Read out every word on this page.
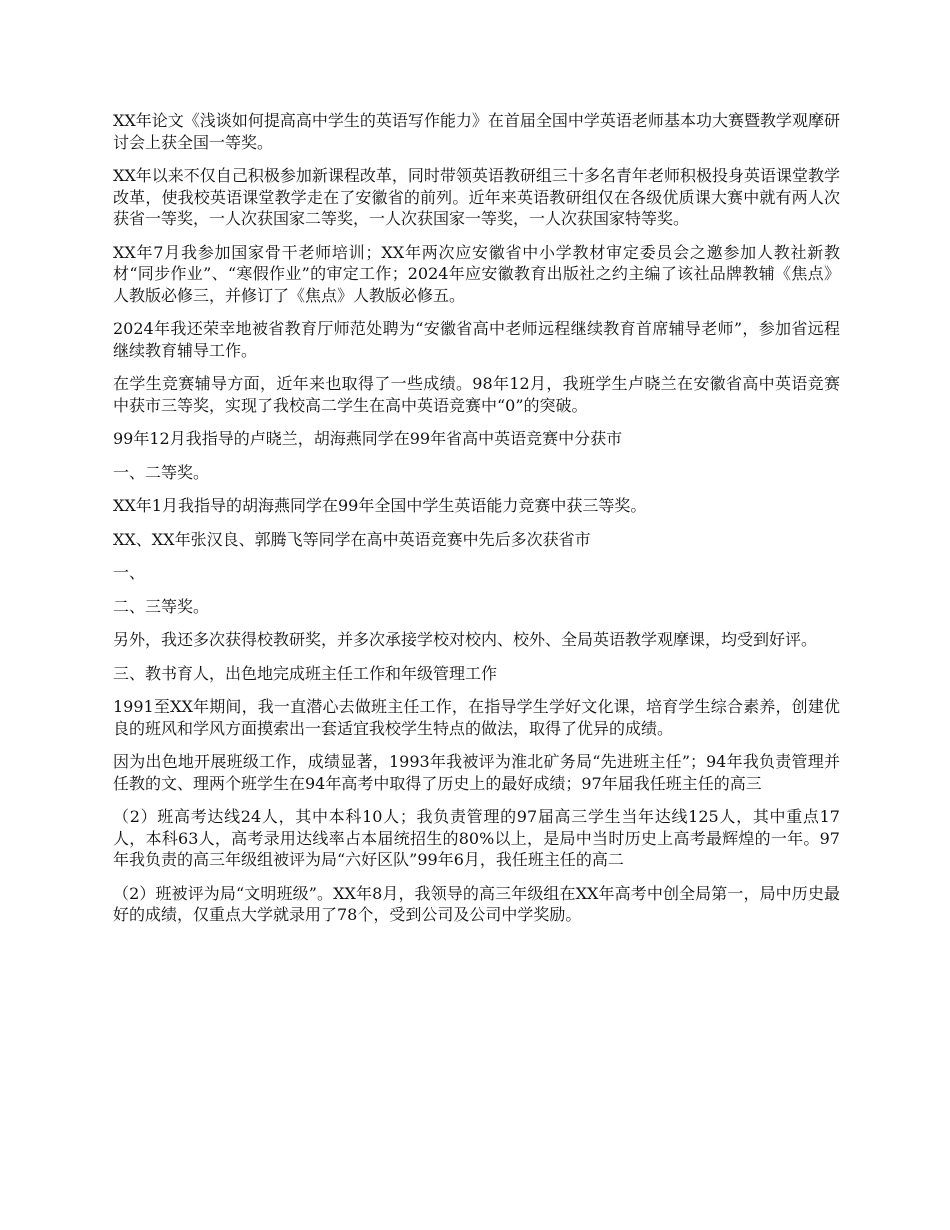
XX年论文《浅谈如何提高高中学生的英语写作能力》在首届全国中学英语老师基本功大赛暨教学观摩研讨会上获全国一等奖。

XX年以来不仅自己积极参加新课程改革，同时带领英语教研组三十多名青年老师积极投身英语课堂教学改革，使我校英语课堂教学走在了安徽省的前列。近年来英语教研组仅在各级优质课大赛中就有两人次获省一等奖，一人次获国家二等奖，一人次获国家一等奖，一人次获国家特等奖。

XX年7月我参加国家骨干老师培训；XX年两次应安徽省中小学教材审定委员会之邀参加人教社新教材“同步作业”、“寒假作业”的审定工作；2024年应安徽教育出版社之约主编了该社品牌教辅《焦点》人教版必修三，并修订了《焦点》人教版必修五。

2024年我还荣幸地被省教育厅师范处聘为“安徽省高中老师远程继续教育首席辅导老师”，参加省远程继续教育辅导工作。

在学生竞赛辅导方面，近年来也取得了一些成绩。98年12月，我班学生卢晓兰在安徽省高中英语竞赛中获市三等奖，实现了我校高二学生在高中英语竞赛中“0”的突破。

99年12月我指导的卢晓兰，胡海燕同学在99年省高中英语竞赛中分获市

一、二等奖。

XX年1月我指导的胡海燕同学在99年全国中学生英语能力竞赛中获三等奖。

XX、XX年张汉良、郭腾飞等同学在高中英语竞赛中先后多次获省市

一、

二、三等奖。

另外，我还多次获得校教研奖，并多次承接学校对校内、校外、全局英语教学观摩课，均受到好评。

三、教书育人，出色地完成班主任工作和年级管理工作

1991至XX年期间，我一直潜心去做班主任工作，在指导学生学好文化课，培育学生综合素养，创建优良的班风和学风方面摸索出一套适宜我校学生特点的做法，取得了优异的成绩。

因为出色地开展班级工作，成绩显著，1993年我被评为淮北矿务局“先进班主任”；94年我负责管理并任教的文、理两个班学生在94年高考中取得了历史上的最好成绩；97年届我任班主任的高三

（2）班高考达线24人，其中本科10人；我负责管理的97届高三学生当年达线125人，其中重点17人，本科63人，高考录用达线率占本届统招生的80%以上，是局中当时历史上高考最辉煌的一年。97年我负责的高三年级组被评为局“六好区队”99年6月，我任班主任的高二

（2）班被评为局“文明班级”。XX年8月，我领导的高三年级组在XX年高考中创全局第一，局中历史最好的成绩，仅重点大学就录用了78个，受到公司及公司中学奖励。
